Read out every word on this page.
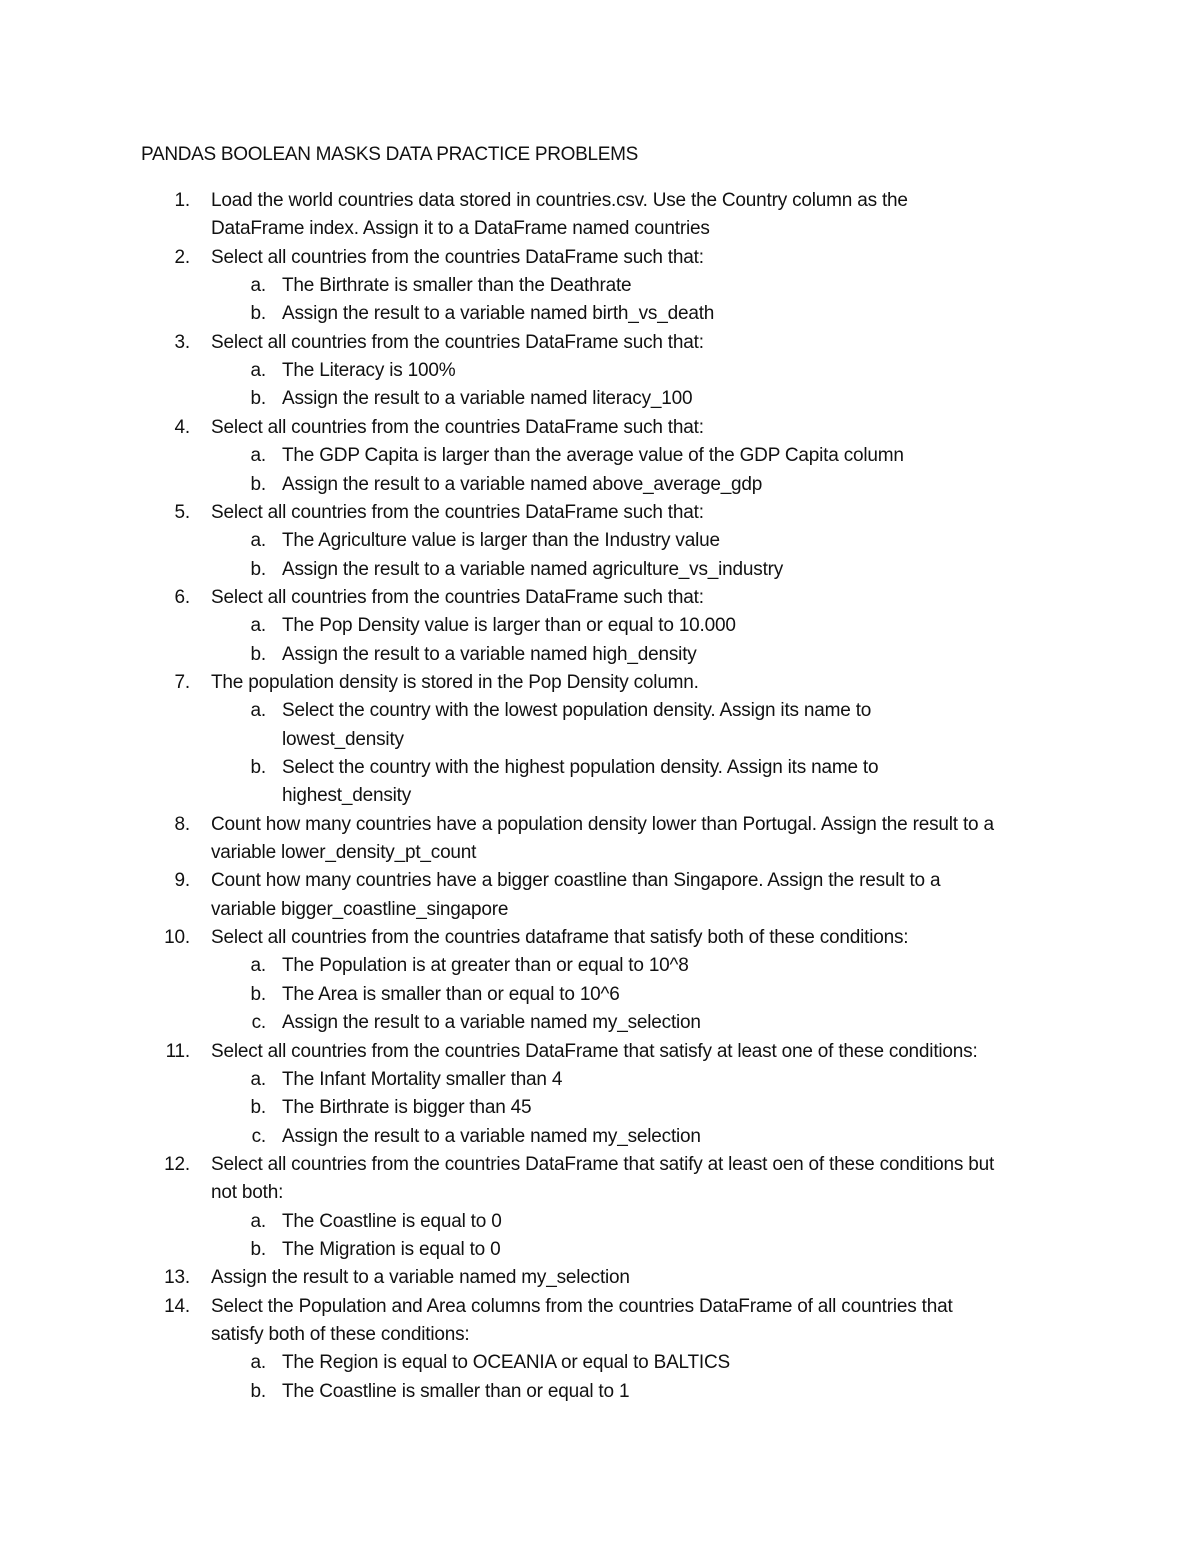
PANDAS BOOLEAN MASKS DATA PRACTICE PROBLEMS
1. Load the world countries data stored in countries.csv. Use the Country column as the
DataFrame index. Assign it to a DataFrame named countries
2. Select all countries from the countries DataFrame such that:
a. The Birthrate is smaller than the Deathrate
b. Assign the result to a variable named birth_vs_death
3. Select all countries from the countries DataFrame such that:
a. The Literacy is 100%
b. Assign the result to a variable named literacy_100
4. Select all countries from the countries DataFrame such that:
a. The GDP Capita is larger than the average value of the GDP Capita column
b. Assign the result to a variable named above_average_gdp
5. Select all countries from the countries DataFrame such that:
a. The Agriculture value is larger than the Industry value
b. Assign the result to a variable named agriculture_vs_industry
6. Select all countries from the countries DataFrame such that:
a. The Pop Density value is larger than or equal to 10.000
b. Assign the result to a variable named high_density
7. The population density is stored in the Pop Density column.
a. Select the country with the lowest population density. Assign its name to
lowest_density
b. Select the country with the highest population density. Assign its name to
highest_density
8. Count how many countries have a population density lower than Portugal. Assign the result to a
variable lower_density_pt_count
9. Count how many countries have a bigger coastline than Singapore. Assign the result to a
variable bigger_coastline_singapore
10. Select all countries from the countries dataframe that satisfy both of these conditions:
a. The Population is at greater than or equal to 10^8
b. The Area is smaller than or equal to 10^6
c. Assign the result to a variable named my_selection
11. Select all countries from the countries DataFrame that satisfy at least one of these conditions:
a. The Infant Mortality smaller than 4
b. The Birthrate is bigger than 45
c. Assign the result to a variable named my_selection
12. Select all countries from the countries DataFrame that satify at least oen of these conditions but
not both:
a. The Coastline is equal to 0
b. The Migration is equal to 0
13. Assign the result to a variable named my_selection
14. Select the Population and Area columns from the countries DataFrame of all countries that
satisfy both of these conditions:
a. The Region is equal to OCEANIA or equal to BALTICS
b. The Coastline is smaller than or equal to 1
